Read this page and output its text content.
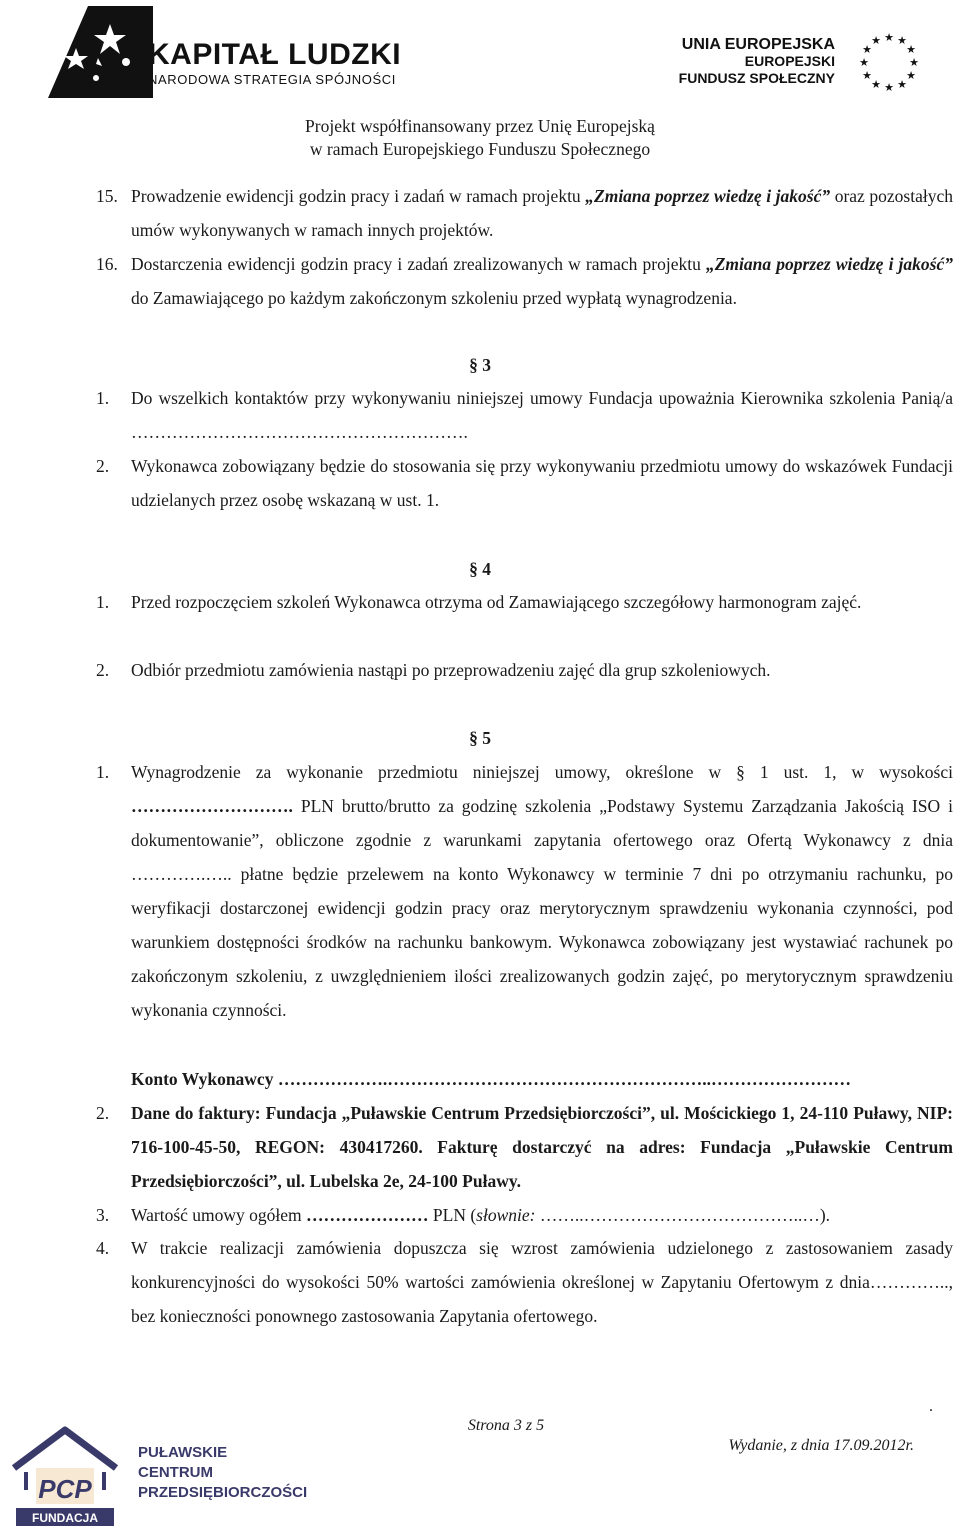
KAPITAŁ LUDZKI
NARODOWA STRATEGIA SPÓJNOŚCI
UNIA EUROPEJSKA
EUROPEJSKI
FUNDUSZ SPOŁECZNY
★ ★
★
★
★
★
★
★
★
★
★
★
Projekt współfinansowany przez Unię Europejską
w ramach Europejskiego Funduszu Społecznego
15. Prowadzenie ewidencji godzin pracy i zadań w ramach projektu „Zmiana poprzez wiedzę i jakość” oraz pozostałych umów wykonywanych w ramach innych projektów.
16. Dostarczenia ewidencji godzin pracy i zadań zrealizowanych w ramach projektu „Zmiana poprzez wiedzę i jakość” do Zamawiającego po każdym zakończonym szkoleniu przed wypłatą wynagrodzenia.
§ 3
1. Do wszelkich kontaktów przy wykonywaniu niniejszej umowy Fundacja upoważnia Kierownika szkolenia Panią/a ………………………………………………….
2. Wykonawca zobowiązany będzie do stosowania się przy wykonywaniu przedmiotu umowy do wskazówek Fundacji udzielanych przez osobę wskazaną w ust. 1.
§ 4
1. Przed rozpoczęciem szkoleń Wykonawca otrzyma od Zamawiającego szczegółowy harmonogram zajęć.
2. Odbiór przedmiotu zamówienia nastąpi po przeprowadzeniu zajęć dla grup szkoleniowych.
§ 5
1. Wynagrodzenie za wykonanie przedmiotu niniejszej umowy, określone w § 1 ust. 1, w wysokości ………………………. PLN brutto/brutto za godzinę szkolenia „Podstawy Systemu Zarządzania Jakością ISO i dokumentowanie”, obliczone zgodnie z warunkami zapytania ofertowego oraz Ofertą Wykonawcy z dnia ………….….. płatne będzie przelewem na konto Wykonawcy w terminie 7 dni po otrzymaniu rachunku, po weryfikacji dostarczonej ewidencji godzin pracy oraz merytorycznym sprawdzeniu wykonania czynności, pod warunkiem dostępności środków na rachunku bankowym. Wykonawca zobowiązany jest wystawiać rachunek po zakończonym szkoleniu, z uwzględnieniem ilości zrealizowanych godzin zajęć, po merytorycznym sprawdzeniu wykonania czynności.
Konto Wykonawcy ……………….………………………………………………..……………………
2. Dane do faktury: Fundacja „Puławskie Centrum Przedsiębiorczości”, ul. Mościckiego 1, 24-110 Puławy, NIP: 716-100-45-50, REGON: 430417260. Fakturę dostarczyć na adres: Fundacja „Puławskie Centrum Przedsiębiorczości”, ul. Lubelska 2e, 24-100 Puławy.
3. Wartość umowy ogółem ………………… PLN (słownie: ……..………………………………..…).
4. W trakcie realizacji zamówienia dopuszcza się wzrost zamówienia udzielonego z zastosowaniem zasady konkurencyjności do wysokości 50% wartości zamówienia określonej w Zapytaniu Ofertowym z dnia………….., bez konieczności ponownego zastosowania Zapytania ofertowego.
.
Strona 3 z 5
Wydanie, z dnia 17.09.2012r.
PCP
FUNDACJA
PUŁAWSKIE
CENTRUM
PRZEDSIĘBIORCZOŚCI
